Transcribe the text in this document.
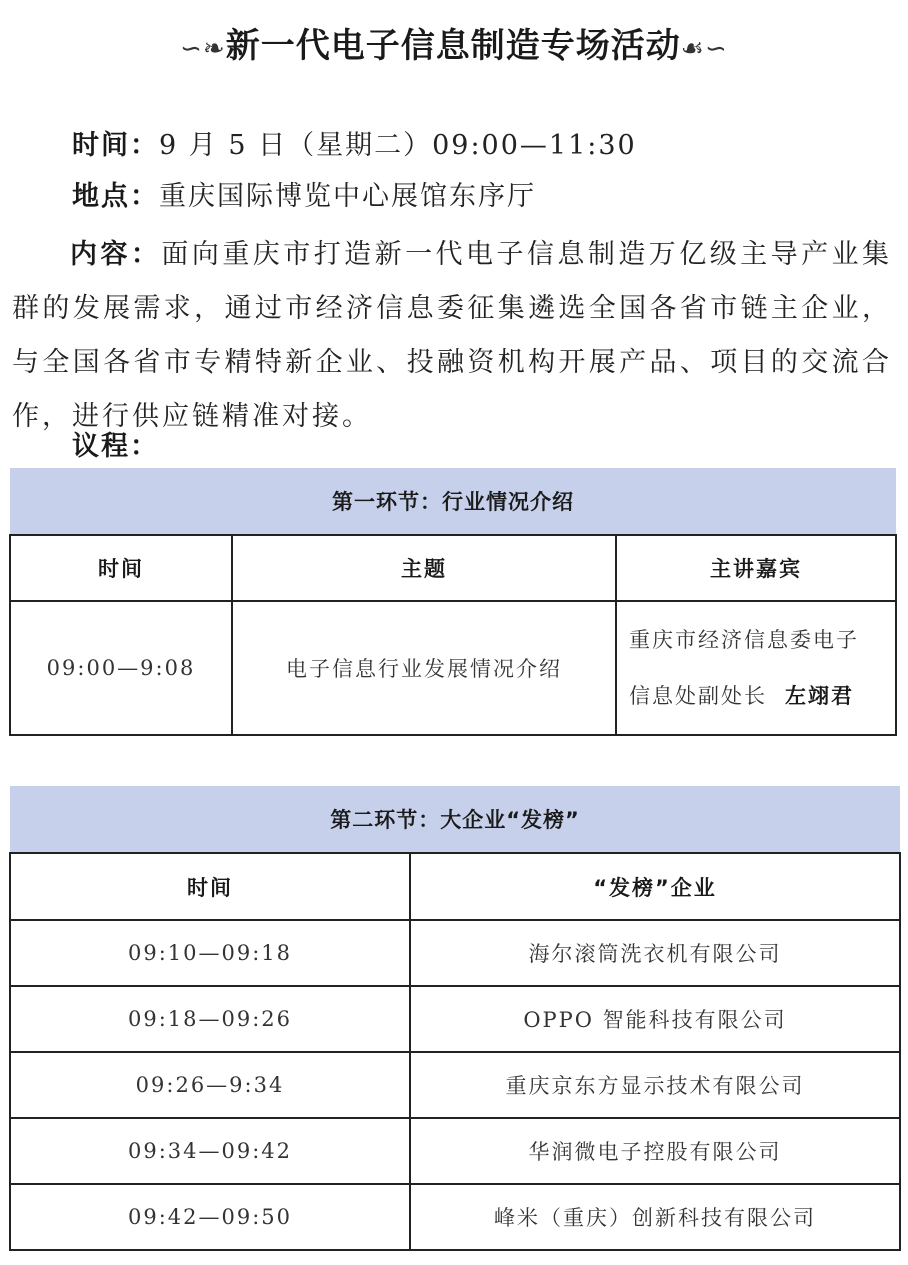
∽❧新一代电子信息制造专场活动☙∽
时间：9 月 5 日（星期二）09:00—11:30
地点：重庆国际博览中心展馆东序厅
内容：面向重庆市打造新一代电子信息制造万亿级主导产业集群的发展需求，通过市经济信息委征集遴选全国各省市链主企业，与全国各省市专精特新企业、投融资机构开展产品、项目的交流合作，进行供应链精准对接。
议程：
第一环节：行业情况介绍		
时间	主题	主讲嘉宾
09:00—9:08	电子信息行业发展情况介绍	重庆市经济信息委电子
信息处副处长 左翊君
第二环节：大企业“发榜”	
时间	“发榜”企业
09:10—09:18	海尔滚筒洗衣机有限公司
09:18—09:26	OPPO 智能科技有限公司
09:26—9:34	重庆京东方显示技术有限公司
09:34—09:42	华润微电子控股有限公司
09:42—09:50	峰米（重庆）创新科技有限公司
